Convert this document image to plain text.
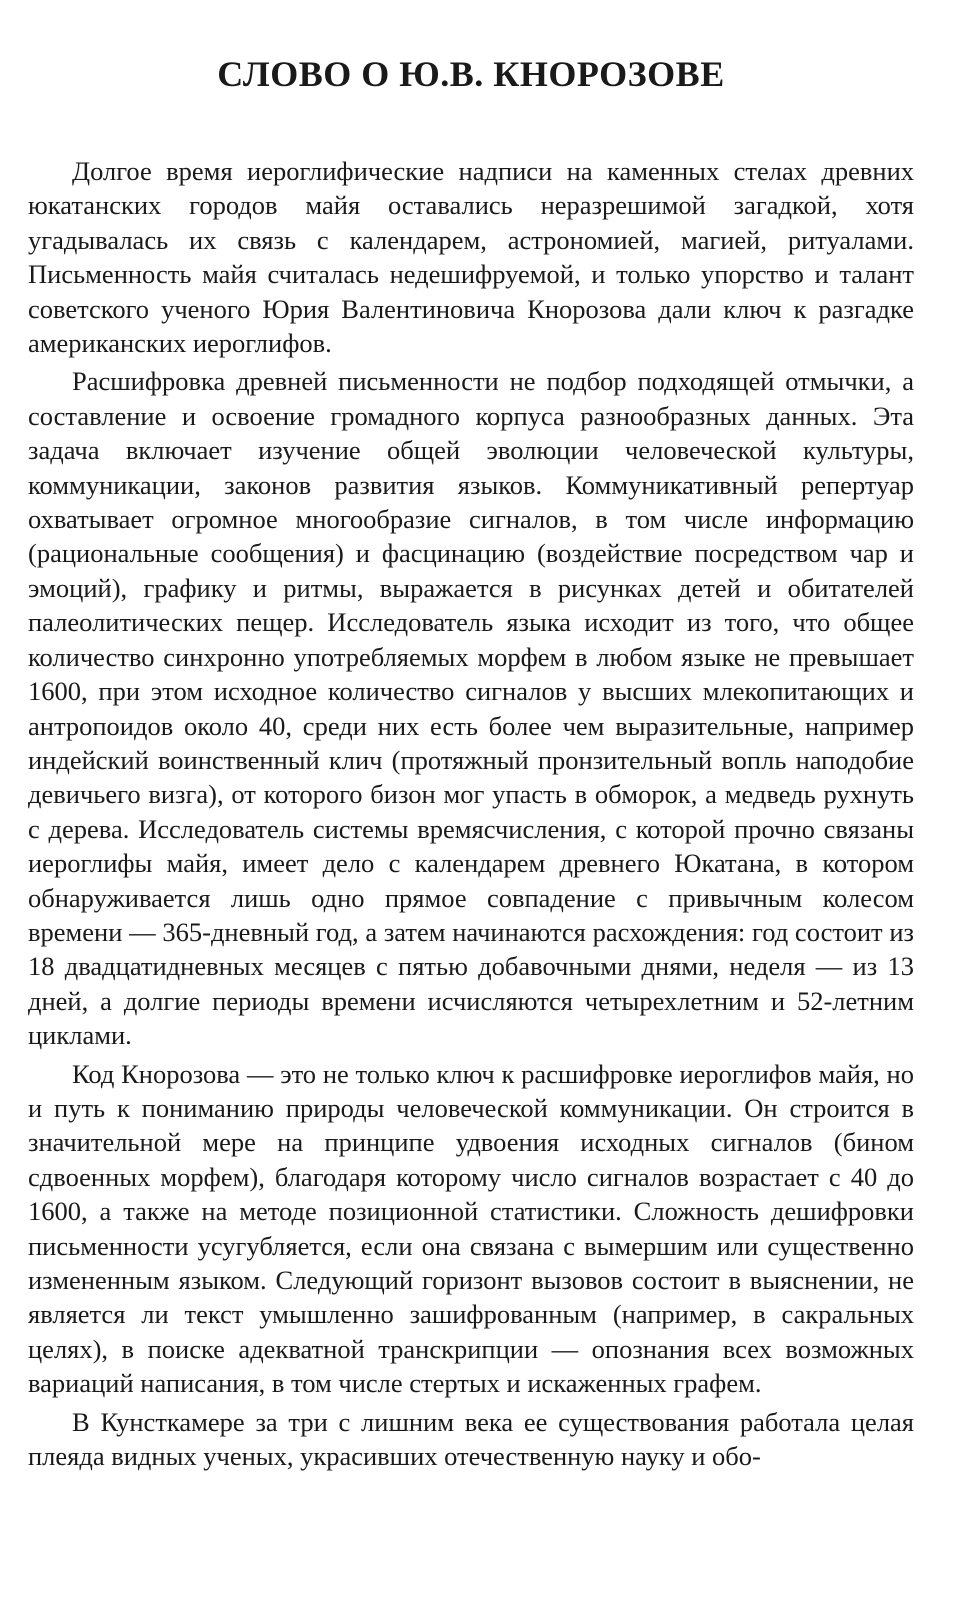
СЛОВО О Ю.В. КНОРОЗОВЕ

Долгое время иероглифические надписи на каменных стелах древних юкатанских городов майя оставались неразрешимой загадкой, хотя угадывалась их связь с календарем, астрономией, магией, ритуалами. Письменность майя считалась недешифруемой, и только упорство и талант советского ученого Юрия Валентиновича Кнорозова дали ключ к разгадке американских иероглифов.

Расшифровка древней письменности не подбор подходящей отмычки, а составление и освоение громадного корпуса разнообразных данных. Эта задача включает изучение общей эволюции человеческой культуры, коммуникации, законов развития языков. Коммуникативный репертуар охватывает огромное многообразие сигналов, в том числе информацию (рациональные сообщения) и фасцинацию (воздействие посредством чар и эмоций), графику и ритмы, выражается в рисунках детей и обитателей палеолитических пещер. Исследователь языка исходит из того, что общее количество синхронно употребляемых морфем в любом языке не превышает 1600, при этом исходное количество сигналов у высших млекопитающих и антропоидов около 40, среди них есть более чем выразительные, например индейский воинственный клич (протяжный пронзительный вопль наподобие девичьего визга), от которого бизон мог упасть в обморок, а медведь рухнуть с дерева. Исследователь системы времясчисления, с которой прочно связаны иероглифы майя, имеет дело с календарем древнего Юкатана, в котором обнаруживается лишь одно прямое совпадение с привычным колесом времени — 365-дневный год, а затем начинаются расхождения: год состоит из 18 двадцатидневных месяцев с пятью добавочными днями, неделя — из 13 дней, а долгие периоды времени исчисляются четырехлетним и 52-летним циклами.

Код Кнорозова — это не только ключ к расшифровке иероглифов майя, но и путь к пониманию природы человеческой коммуникации. Он строится в значительной мере на принципе удвоения исходных сигналов (бином сдвоенных морфем), благодаря которому число сигналов возрастает с 40 до 1600, а также на методе позиционной статистики. Сложность дешифровки письменности усугубляется, если она связана с вымершим или существенно измененным языком. Следующий горизонт вызовов состоит в выяснении, не является ли текст умышленно зашифрованным (например, в сакральных целях), в поиске адекватной транскрипции — опознания всех возможных вариаций написания, в том числе стертых и искаженных графем.

В Кунсткамере за три с лишним века ее существования работала целая плеяда видных ученых, украсивших отечественную науку и обо-
